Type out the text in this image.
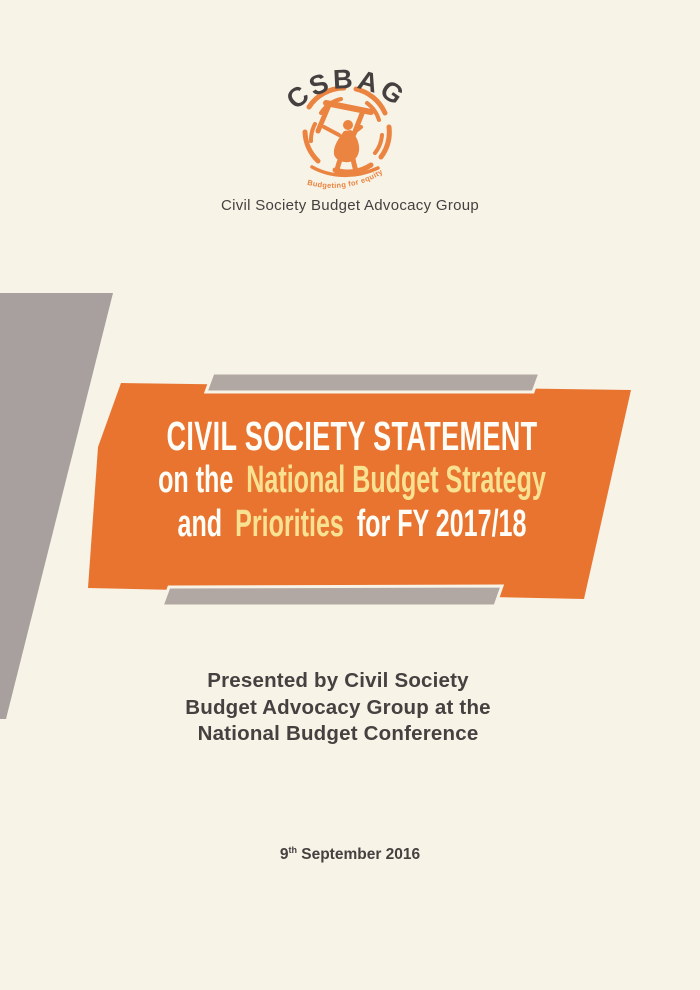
CSBAG
Budgeting for equity
Civil Society Budget Advocacy Group
CIVIL SOCIETY STATEMENT
on the National Budget Strategy
and Priorities for FY 2017/18
Presented by Civil Society
Budget Advocacy Group at the
National Budget Conference
9th September 2016
